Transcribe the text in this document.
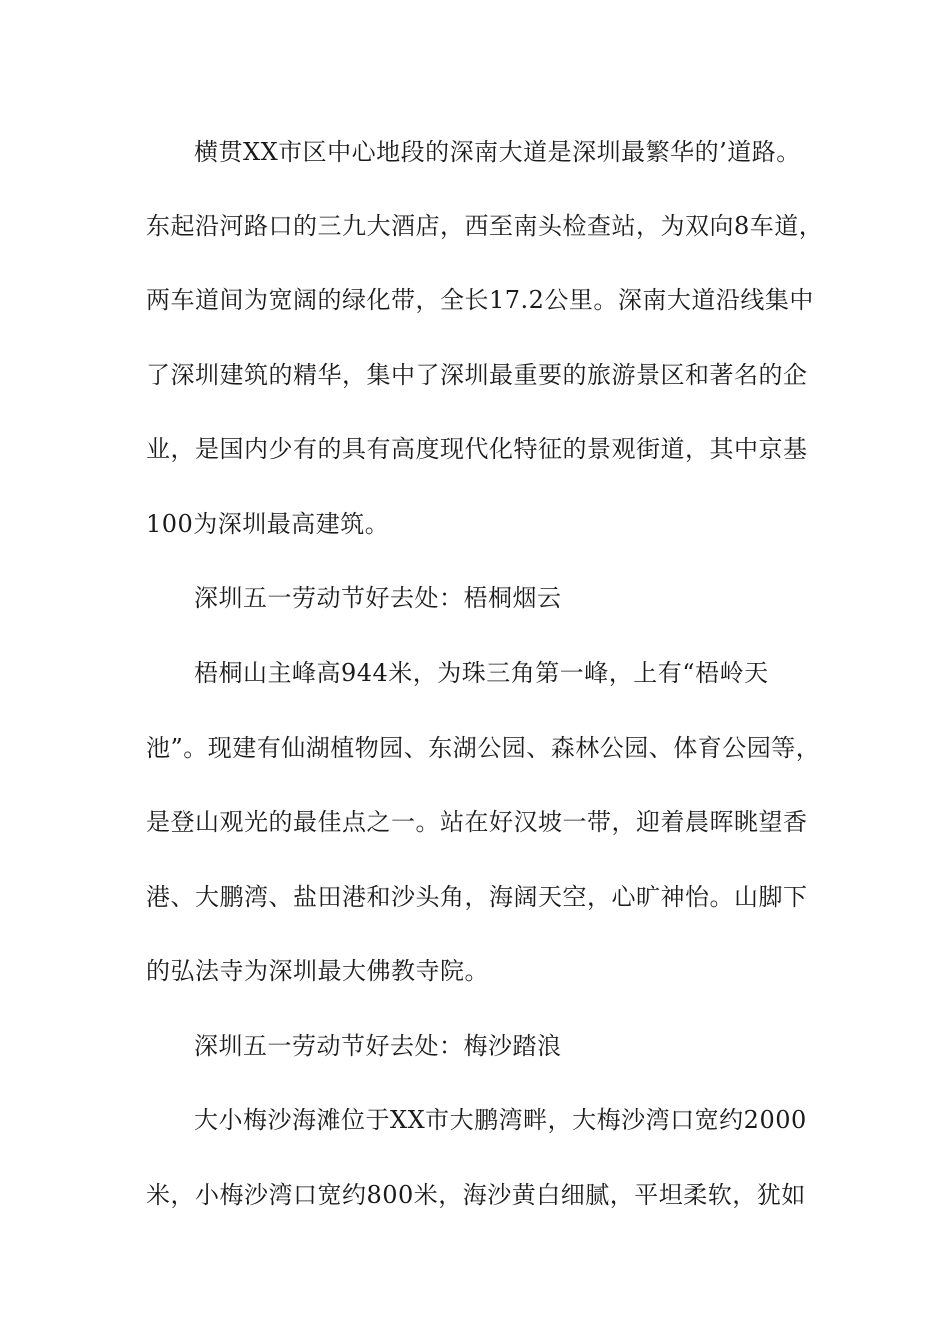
横贯XX市区中心地段的深南大道是深圳最繁华的’道路。
东起沿河路口的三九大酒店，西至南头检查站，为双向8车道，
两车道间为宽阔的绿化带，全长17.2公里。深南大道沿线集中
了深圳建筑的精华，集中了深圳最重要的旅游景区和著名的企
业，是国内少有的具有高度现代化特征的景观街道，其中京基
100为深圳最高建筑。
深圳五一劳动节好去处：梧桐烟云
梧桐山主峰高944米，为珠三角第一峰，上有“梧岭天
池”。现建有仙湖植物园、东湖公园、森林公园、体育公园等，
是登山观光的最佳点之一。站在好汉坡一带，迎着晨晖眺望香
港、大鹏湾、盐田港和沙头角，海阔天空，心旷神怡。山脚下
的弘法寺为深圳最大佛教寺院。
深圳五一劳动节好去处：梅沙踏浪
大小梅沙海滩位于XX市大鹏湾畔，大梅沙湾口宽约2000
米，小梅沙湾口宽约800米，海沙黄白细腻，平坦柔软，犹如
